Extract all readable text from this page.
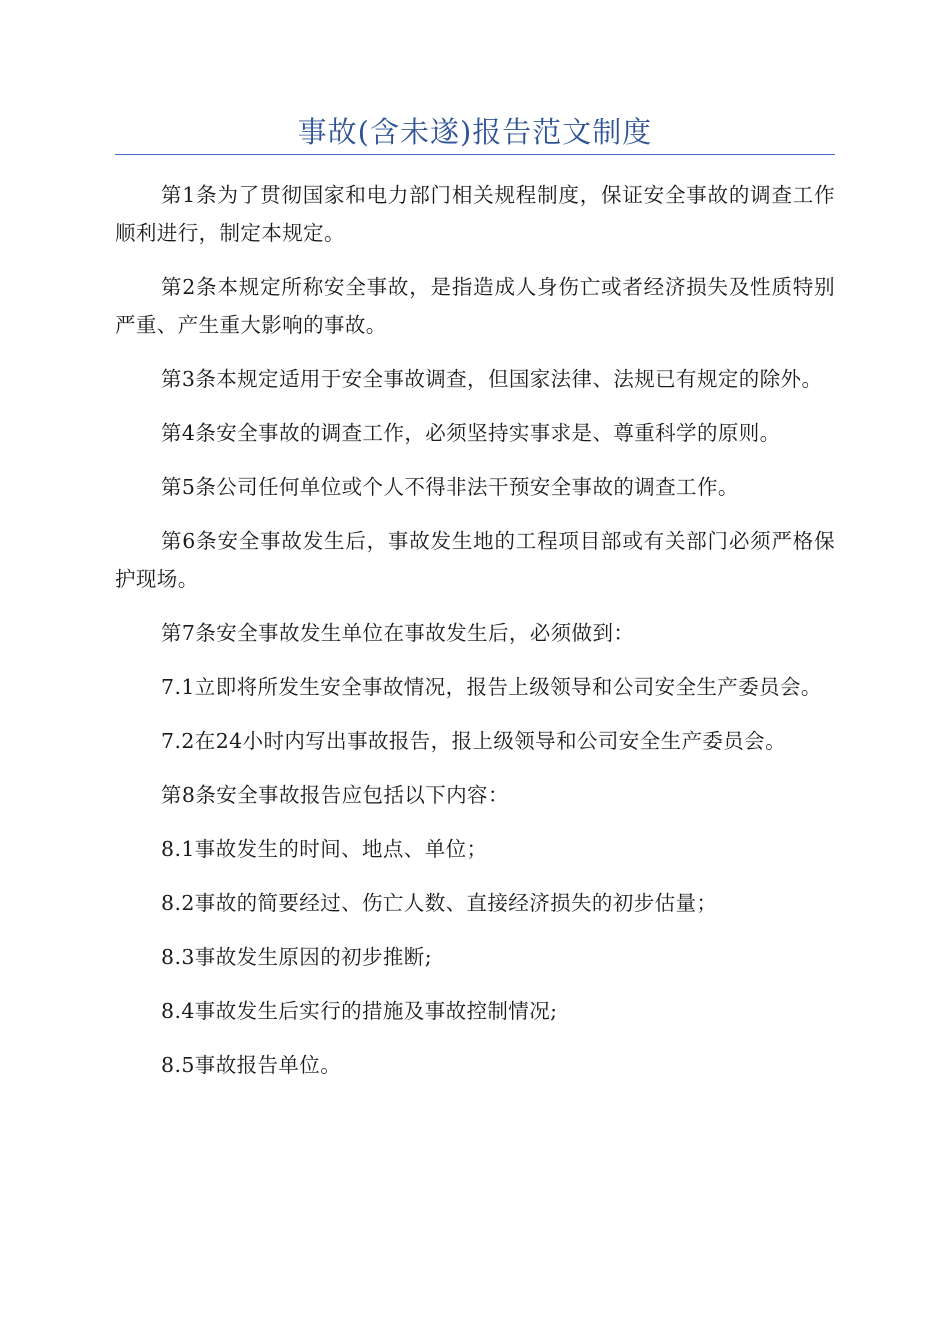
事故(含未遂)报告范文制度

第1条为了贯彻国家和电力部门相关规程制度，保证安全事故的调查工作顺利进行，制定本规定。

第2条本规定所称安全事故，是指造成人身伤亡或者经济损失及性质特别严重、产生重大影响的事故。

第3条本规定适用于安全事故调查，但国家法律、法规已有规定的除外。

第4条安全事故的调查工作，必须坚持实事求是、尊重科学的原则。

第5条公司任何单位或个人不得非法干预安全事故的调查工作。

第6条安全事故发生后，事故发生地的工程项目部或有关部门必须严格保护现场。

第7条安全事故发生单位在事故发生后，必须做到：

7.1立即将所发生安全事故情况，报告上级领导和公司安全生产委员会。

7.2在24小时内写出事故报告，报上级领导和公司安全生产委员会。

第8条安全事故报告应包括以下内容：

8.1事故发生的时间、地点、单位；

8.2事故的简要经过、伤亡人数、直接经济损失的初步估量；

8.3事故发生原因的初步推断;

8.4事故发生后实行的措施及事故控制情况;

8.5事故报告单位。
